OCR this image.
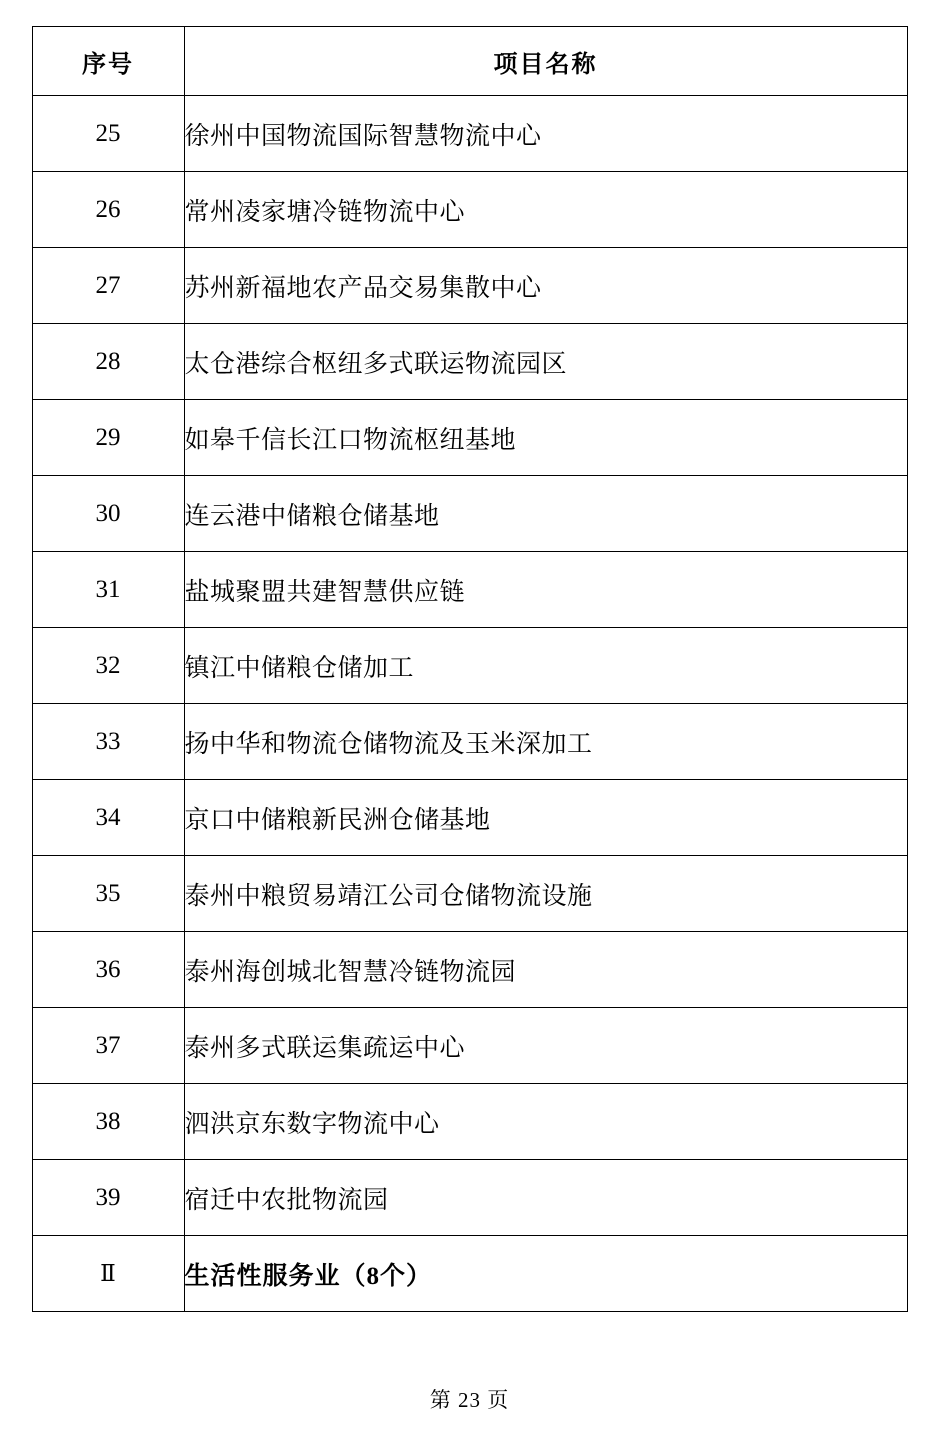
序号	项目名称
25	徐州中国物流国际智慧物流中心
26	常州凌家塘冷链物流中心
27	苏州新福地农产品交易集散中心
28	太仓港综合枢纽多式联运物流园区
29	如皋千信长江口物流枢纽基地
30	连云港中储粮仓储基地
31	盐城聚盟共建智慧供应链
32	镇江中储粮仓储加工
33	扬中华和物流仓储物流及玉米深加工
34	京口中储粮新民洲仓储基地
35	泰州中粮贸易靖江公司仓储物流设施
36	泰州海创城北智慧冷链物流园
37	泰州多式联运集疏运中心
38	泗洪京东数字物流中心
39	宿迁中农批物流园
Ⅱ	生活性服务业（8个）
第 23 页
